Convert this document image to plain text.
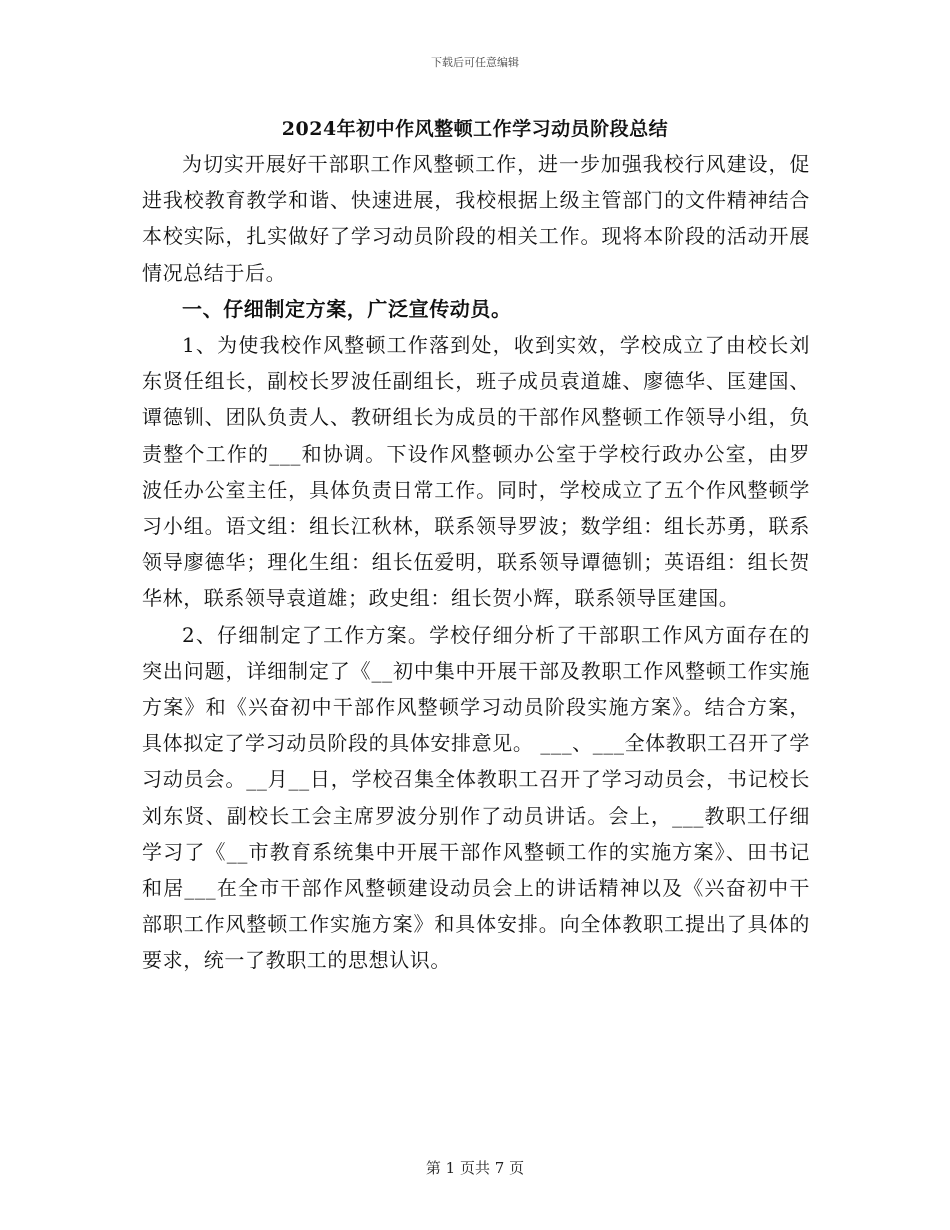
下载后可任意编辑
2024年初中作风整顿工作学习动员阶段总结

为切实开展好干部职工作风整顿工作，进一步加强我校行风建设，促进我校教育教学和谐、快速进展，我校根据上级主管部门的文件精神结合本校实际，扎实做好了学习动员阶段的相关工作。现将本阶段的活动开展情况总结于后。

一、仔细制定方案，广泛宣传动员。

1、为使我校作风整顿工作落到处，收到实效，学校成立了由校长刘东贤任组长，副校长罗波任副组长，班子成员袁道雄、廖德华、匡建国、谭德钏、团队负责人、教研组长为成员的干部作风整顿工作领导小组，负责整个工作的___和协调。下设作风整顿办公室于学校行政办公室，由罗波任办公室主任，具体负责日常工作。同时，学校成立了五个作风整顿学习小组。语文组：组长江秋林，联系领导罗波；数学组：组长苏勇，联系领导廖德华；理化生组：组长伍爱明，联系领导谭德钏；英语组：组长贺华林，联系领导袁道雄；政史组：组长贺小辉，联系领导匡建国。

2、仔细制定了工作方案。学校仔细分析了干部职工作风方面存在的突出问题，详细制定了《__初中集中开展干部及教职工作风整顿工作实施方案》和《兴奋初中干部作风整顿学习动员阶段实施方案》。结合方案，具体拟定了学习动员阶段的具体安排意见。 ___、___全体教职工召开了学习动员会。__月__日，学校召集全体教职工召开了学习动员会，书记校长刘东贤、副校长工会主席罗波分别作了动员讲话。会上，___教职工仔细学习了《__市教育系统集中开展干部作风整顿工作的实施方案》、田书记和居___在全市干部作风整顿建设动员会上的讲话精神以及《兴奋初中干部职工作风整顿工作实施方案》和具体安排。向全体教职工提出了具体的要求，统一了教职工的思想认识。

第 1 页共 7 页
